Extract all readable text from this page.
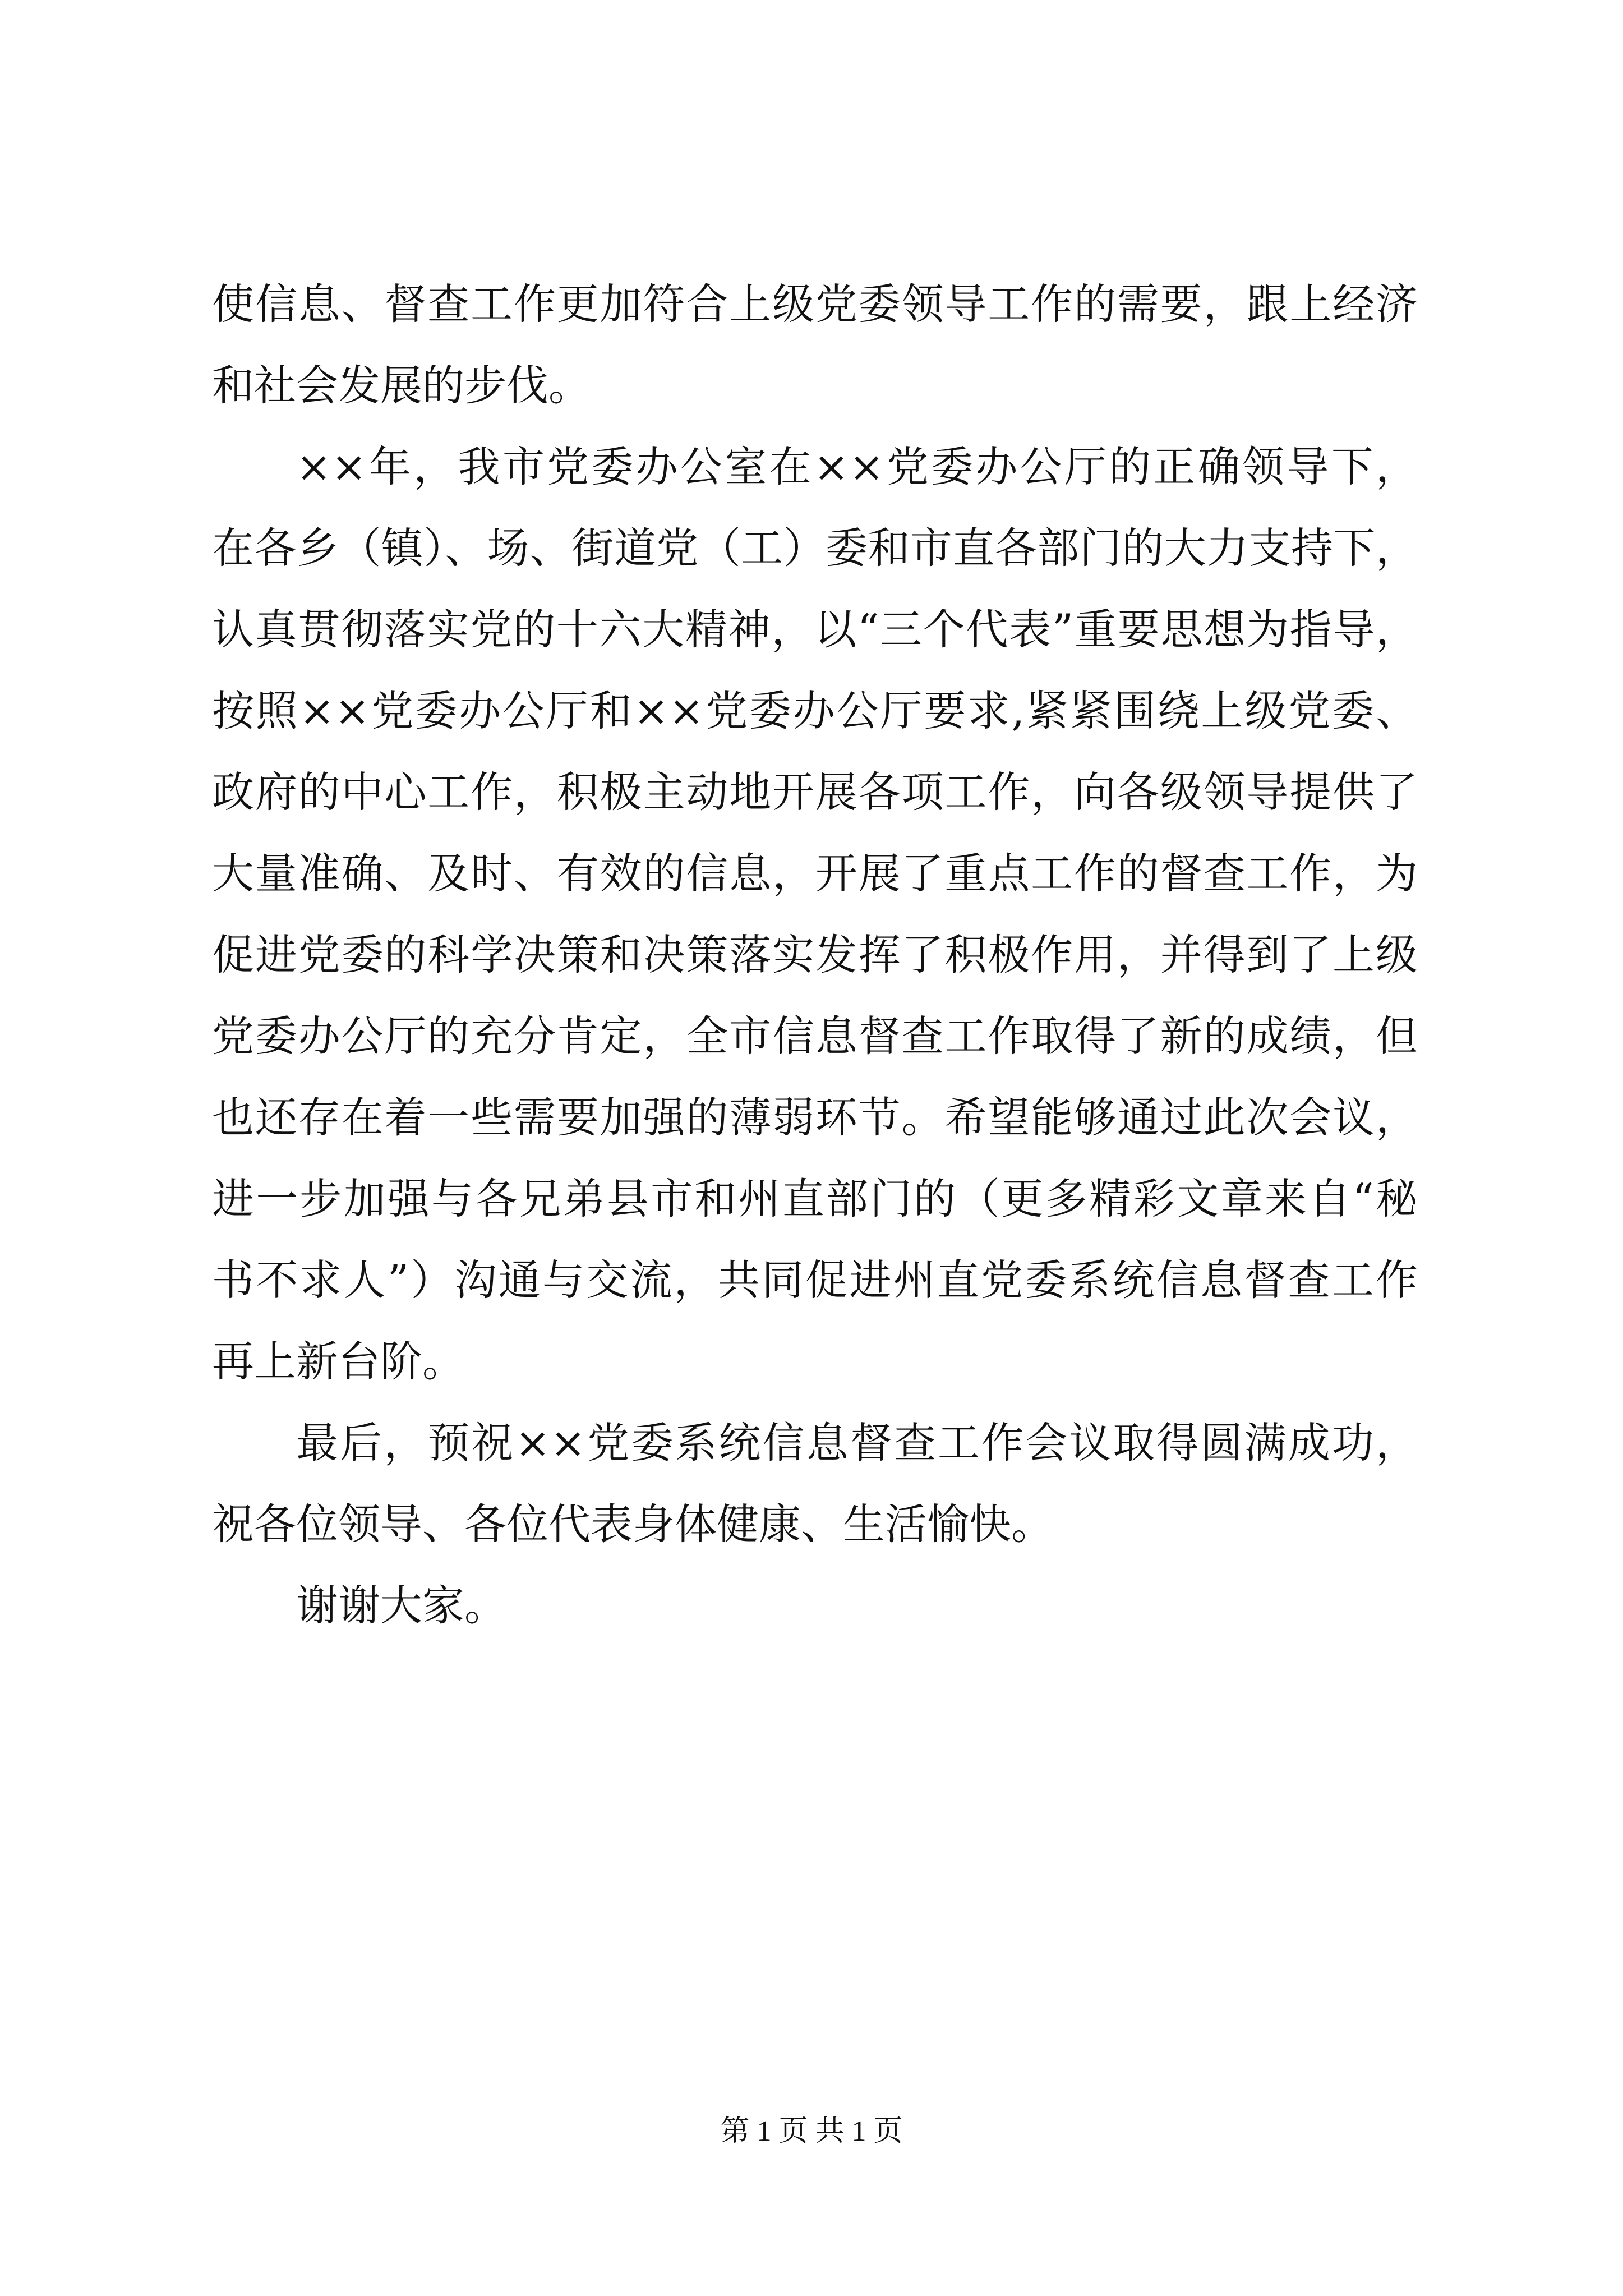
使信息、督查工作更加符合上级党委领导工作的需要，跟上经济
和社会发展的步伐。
××年，我市党委办公室在××党委办公厅的正确领导下，
在各乡（镇）、场、街道党（工）委和市直各部门的大力支持下，
认真贯彻落实党的十六大精神，以“三个代表”重要思想为指导，
按照××党委办公厅和××党委办公厅要求,紧紧围绕上级党委、
政府的中心工作，积极主动地开展各项工作，向各级领导提供了
大量准确、及时、有效的信息，开展了重点工作的督查工作，为
促进党委的科学决策和决策落实发挥了积极作用，并得到了上级
党委办公厅的充分肯定，全市信息督查工作取得了新的成绩，但
也还存在着一些需要加强的薄弱环节。希望能够通过此次会议，
进一步加强与各兄弟县市和州直部门的（更多精彩文章来自“秘
书不求人”）沟通与交流，共同促进州直党委系统信息督查工作
再上新台阶。
最后，预祝××党委系统信息督查工作会议取得圆满成功，
祝各位领导、各位代表身体健康、生活愉快。
谢谢大家。
第 1 页 共 1 页
